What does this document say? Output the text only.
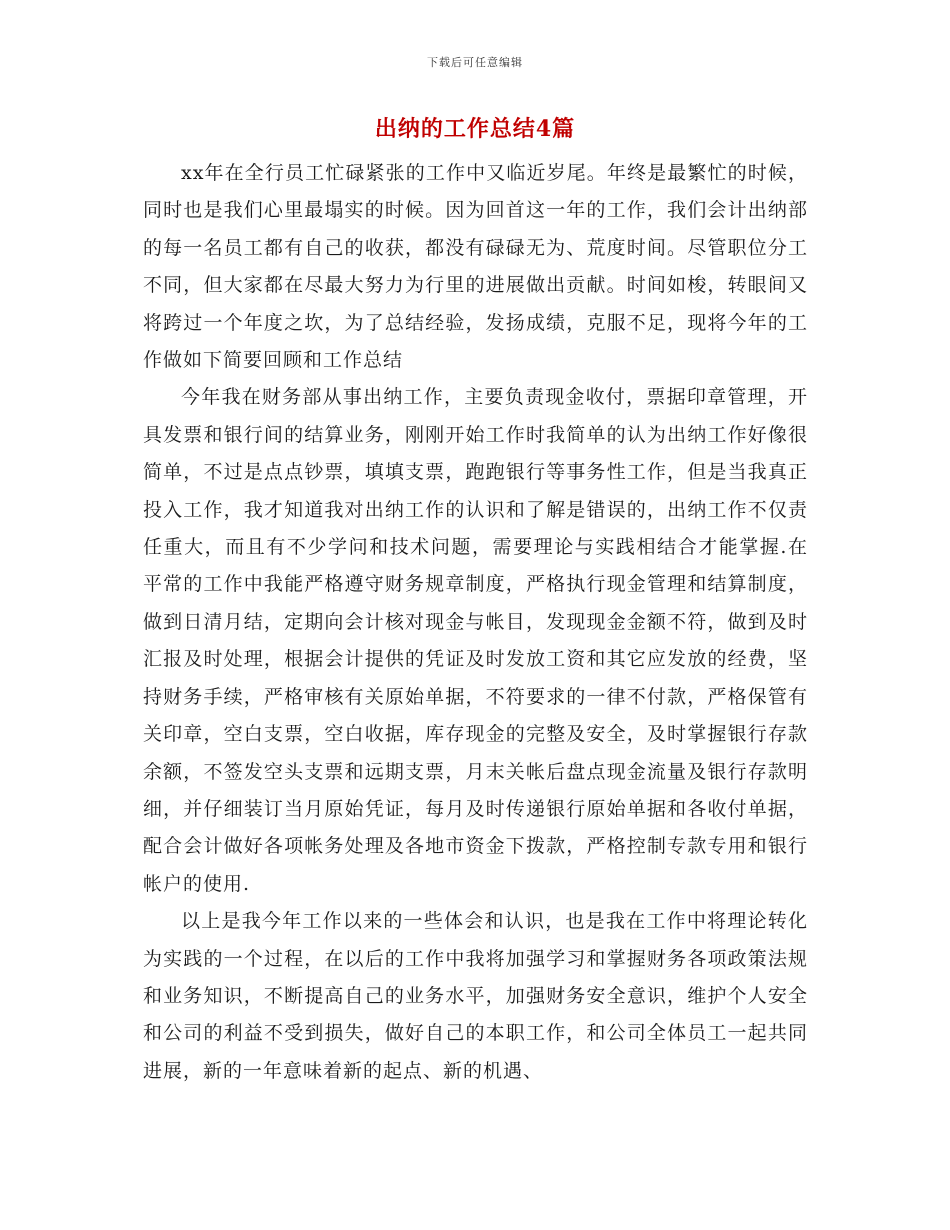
下载后可任意编辑
出纳的工作总结4篇

xx年在全行员工忙碌紧张的工作中又临近岁尾。年终是最繁忙的时候，同时也是我们心里最塌实的时候。因为回首这一年的工作，我们会计出纳部的每一名员工都有自己的收获，都没有碌碌无为、荒度时间。尽管职位分工不同，但大家都在尽最大努力为行里的进展做出贡献。时间如梭，转眼间又将跨过一个年度之坎，为了总结经验，发扬成绩，克服不足，现将今年的工作做如下简要回顾和工作总结

今年我在财务部从事出纳工作，主要负责现金收付，票据印章管理，开具发票和银行间的结算业务，刚刚开始工作时我简单的认为出纳工作好像很简单，不过是点点钞票，填填支票，跑跑银行等事务性工作，但是当我真正投入工作，我才知道我对出纳工作的认识和了解是错误的，出纳工作不仅责任重大，而且有不少学问和技术问题，需要理论与实践相结合才能掌握.在平常的工作中我能严格遵守财务规章制度，严格执行现金管理和结算制度，做到日清月结，定期向会计核对现金与帐目，发现现金金额不符，做到及时汇报及时处理，根据会计提供的凭证及时发放工资和其它应发放的经费，坚持财务手续，严格审核有关原始单据，不符要求的一律不付款，严格保管有关印章，空白支票，空白收据，库存现金的完整及安全，及时掌握银行存款余额，不签发空头支票和远期支票，月末关帐后盘点现金流量及银行存款明细，并仔细装订当月原始凭证，每月及时传递银行原始单据和各收付单据，配合会计做好各项帐务处理及各地市资金下拨款，严格控制专款专用和银行帐户的使用.

以上是我今年工作以来的一些体会和认识，也是我在工作中将理论转化为实践的一个过程，在以后的工作中我将加强学习和掌握财务各项政策法规和业务知识，不断提高自己的业务水平，加强财务安全意识，维护个人安全和公司的利益不受到损失，做好自己的本职工作，和公司全体员工一起共同进展，新的一年意味着新的起点、新的机遇、
